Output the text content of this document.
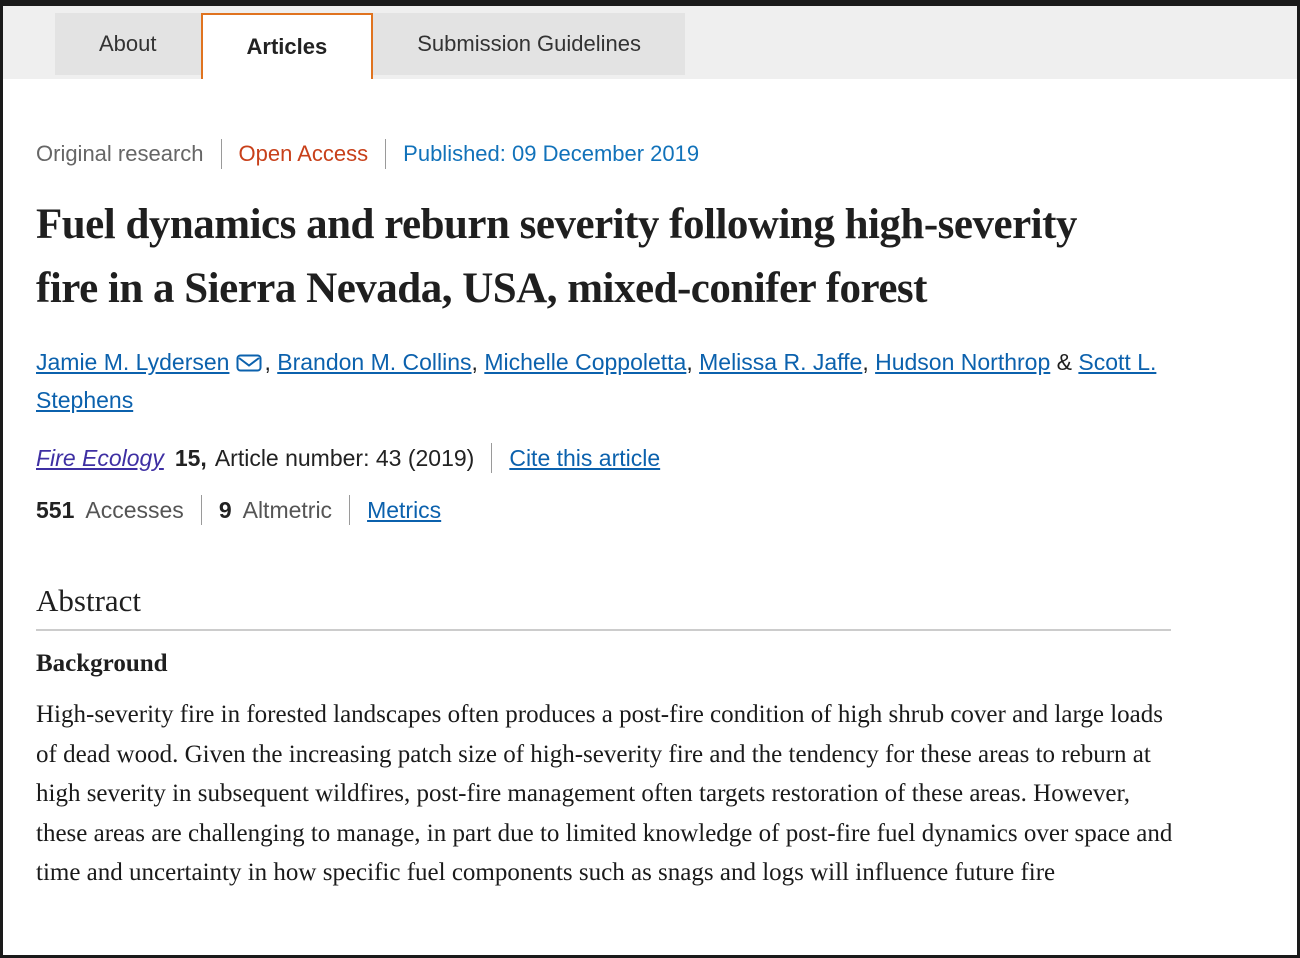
About	Articles	Submission Guidelines
Original research Open Access Published: 09 December 2019
Fuel dynamics and reburn severity following high-severity fire in a Sierra Nevada, USA, mixed-conifer forest

Jamie M. Lydersen , Brandon M. Collins, Michelle Coppoletta, Melissa R. Jaffe, Hudson Northrop & Scott L. Stephens

Fire Ecology 15, Article number: 43 (2019) Cite this article
551 Accesses 9 Altmetric Metrics
Abstract
Background

High-severity fire in forested landscapes often produces a post-fire condition of high shrub cover and large loads of dead wood. Given the increasing patch size of high-severity fire and the tendency for these areas to reburn at high severity in subsequent wildfires, post-fire management often targets restoration of these areas. However, these areas are challenging to manage, in part due to limited knowledge of post-fire fuel dynamics over space and time and uncertainty in how specific fuel components such as snags and logs will influence future fire
